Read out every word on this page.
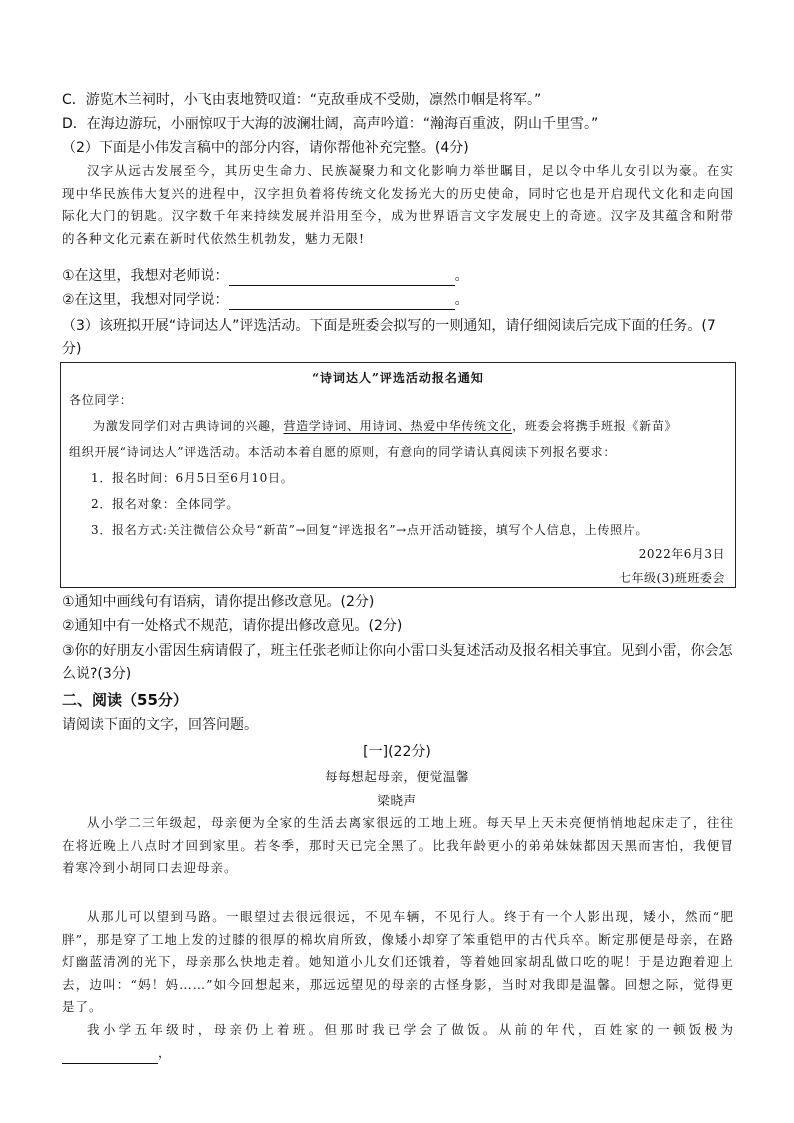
C．游览木兰祠时，小飞由衷地赞叹道：“克敌垂成不受勋，凛然巾帼是将军。”
D．在海边游玩，小丽惊叹于大海的波澜壮阔，高声吟道：“瀚海百重波，阴山千里雪。”
（2）下面是小伟发言稿中的部分内容，请你帮他补充完整。(4分)

汉字从远古发展至今，其历史生命力、民族凝聚力和文化影响力举世瞩目，足以令中华儿女引以为豪。在实现中华民族伟大复兴的进程中，汉字担负着将传统文化发扬光大的历史使命，同时它也是开启现代文化和走向国际化大门的钥匙。汉字数千年来持续发展并沿用至今，成为世界语言文字发展史上的奇迹。汉字及其蕴含和附带的各种文化元素在新时代依然生机勃发，魅力无限!

①在这里，我想对老师说：	。
②在这里，我想对同学说：	。
（3）该班拟开展“诗词达人”评选活动。下面是班委会拟写的一则通知，请仔细阅读后完成下面的任务。(7
分)
“诗词达人”评选活动报名通知
各位同学：
为激发同学们对古典诗词的兴趣，营造学诗词、用诗词、热爱中华传统文化，班委会将携手班报《新苗》
组织开展“诗词达人”评选活动。本活动本着自愿的原则，有意向的同学请认真阅读下列报名要求：
1．报名时间：6月5日至6月10日。
2．报名对象：全体同学。
3．报名方式:关注微信公众号“新苗”→回复“评选报名”→点开活动链接，填写个人信息，上传照片。
2022年6月3日
七年级(3)班班委会
①通知中画线句有语病，请你提出修改意见。(2分)
②通知中有一处格式不规范，请你提出修改意见。(2分)
③你的好朋友小雷因生病请假了，班主任张老师让你向小雷口头复述活动及报名相关事宜。见到小雷，你会怎
么说?(3分)
二、阅读（55分）
请阅读下面的文字，回答问题。
[一](22分)
每每想起母亲，便觉温馨
梁晓声

从小学二三年级起，母亲便为全家的生活去离家很远的工地上班。每天早上天未亮便悄悄地起床走了，往往在将近晚上八点时才回到家里。若冬季，那时天已完全黑了。比我年龄更小的弟弟妹妹都因天黑而害怕，我便冒着寒冷到小胡同口去迎母亲。

从那儿可以望到马路。一眼望过去很远很远，不见车辆，不见行人。终于有一个人影出现，矮小，然而“肥胖”，那是穿了工地上发的过膝的很厚的棉坎肩所致，像矮小却穿了笨重铠甲的古代兵卒。断定那便是母亲，在路灯幽蓝清冽的光下，母亲那么快地走着。她知道小儿女们还饿着，等着她回家胡乱做口吃的呢！于是边跑着迎上去，边叫：“妈！妈……”如今回想起来，那远远望见的母亲的古怪身影，当时对我即是温馨。回想之际，觉得更是了。

我小学五年级时，母亲仍上着班。但那时我已学会了做饭。从前的年代，百姓家的一顿饭极为，
